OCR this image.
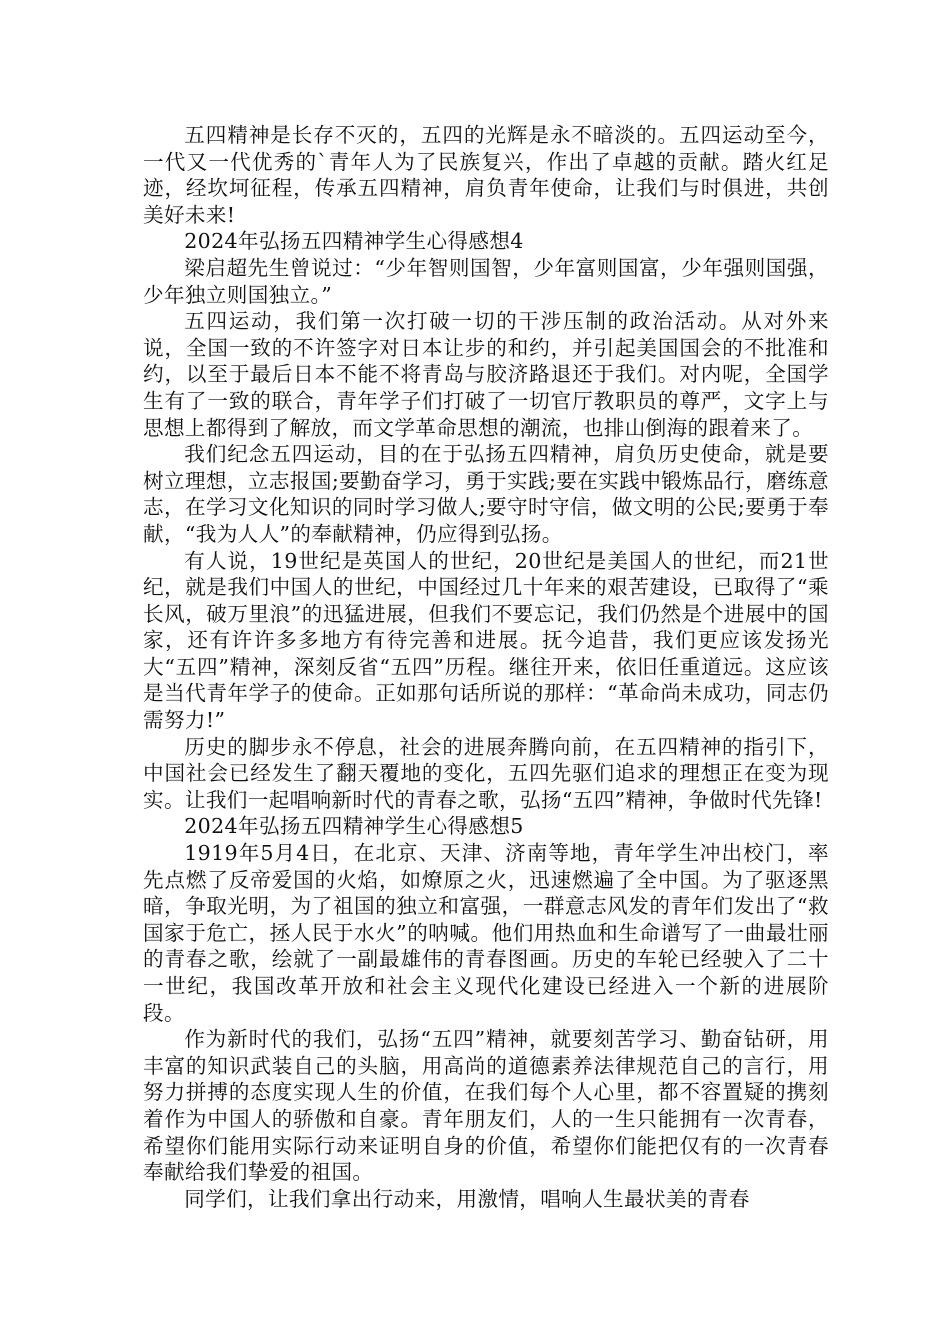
五四精神是长存不灭的，五四的光辉是永不暗淡的。五四运动至今，一代又一代优秀的`青年人为了民族复兴，作出了卓越的贡献。踏火红足迹，经坎坷征程，传承五四精神，肩负青年使命，让我们与时俱进，共创美好未来!

2024年弘扬五四精神学生心得感想4

梁启超先生曾说过：“少年智则国智，少年富则国富，少年强则国强，少年独立则国独立。”

五四运动，我们第一次打破一切的干涉压制的政治活动。从对外来说，全国一致的不许签字对日本让步的和约，并引起美国国会的不批准和约，以至于最后日本不能不将青岛与胶济路退还于我们。对内呢，全国学生有了一致的联合，青年学子们打破了一切官厅教职员的尊严，文字上与思想上都得到了解放，而文学革命思想的潮流，也排山倒海的跟着来了。

我们纪念五四运动，目的在于弘扬五四精神，肩负历史使命，就是要树立理想，立志报国;要勤奋学习，勇于实践;要在实践中锻炼品行，磨练意志，在学习文化知识的同时学习做人;要守时守信，做文明的公民;要勇于奉献，“我为人人”的奉献精神，仍应得到弘扬。

有人说，19世纪是英国人的世纪，20世纪是美国人的世纪，而21世纪，就是我们中国人的世纪，中国经过几十年来的艰苦建设，已取得了“乘长风，破万里浪”的迅猛进展，但我们不要忘记，我们仍然是个进展中的国家，还有许许多多地方有待完善和进展。抚今追昔，我们更应该发扬光大“五四”精神，深刻反省“五四”历程。继往开来，依旧任重道远。这应该是当代青年学子的使命。正如那句话所说的那样：“革命尚未成功，同志仍需努力!”

历史的脚步永不停息，社会的进展奔腾向前，在五四精神的指引下，中国社会已经发生了翻天覆地的变化，五四先驱们追求的理想正在变为现实。让我们一起唱响新时代的青春之歌，弘扬“五四”精神，争做时代先锋!

2024年弘扬五四精神学生心得感想5

1919年5月4日，在北京、天津、济南等地，青年学生冲出校门，率先点燃了反帝爱国的火焰，如燎原之火，迅速燃遍了全中国。为了驱逐黑暗，争取光明，为了祖国的独立和富强，一群意志风发的青年们发出了“救国家于危亡，拯人民于水火”的呐喊。他们用热血和生命谱写了一曲最壮丽的青春之歌，绘就了一副最雄伟的青春图画。历史的车轮已经驶入了二十一世纪，我国改革开放和社会主义现代化建设已经进入一个新的进展阶段。

作为新时代的我们，弘扬“五四”精神，就要刻苦学习、勤奋钻研，用丰富的知识武装自己的头脑，用高尚的道德素养法律规范自己的言行，用努力拼搏的态度实现人生的价值，在我们每个人心里，都不容置疑的携刻着作为中国人的骄傲和自豪。青年朋友们，人的一生只能拥有一次青春，希望你们能用实际行动来证明自身的价值，希望你们能把仅有的一次青春奉献给我们挚爱的祖国。

同学们，让我们拿出行动来，用激情，唱响人生最状美的青春
